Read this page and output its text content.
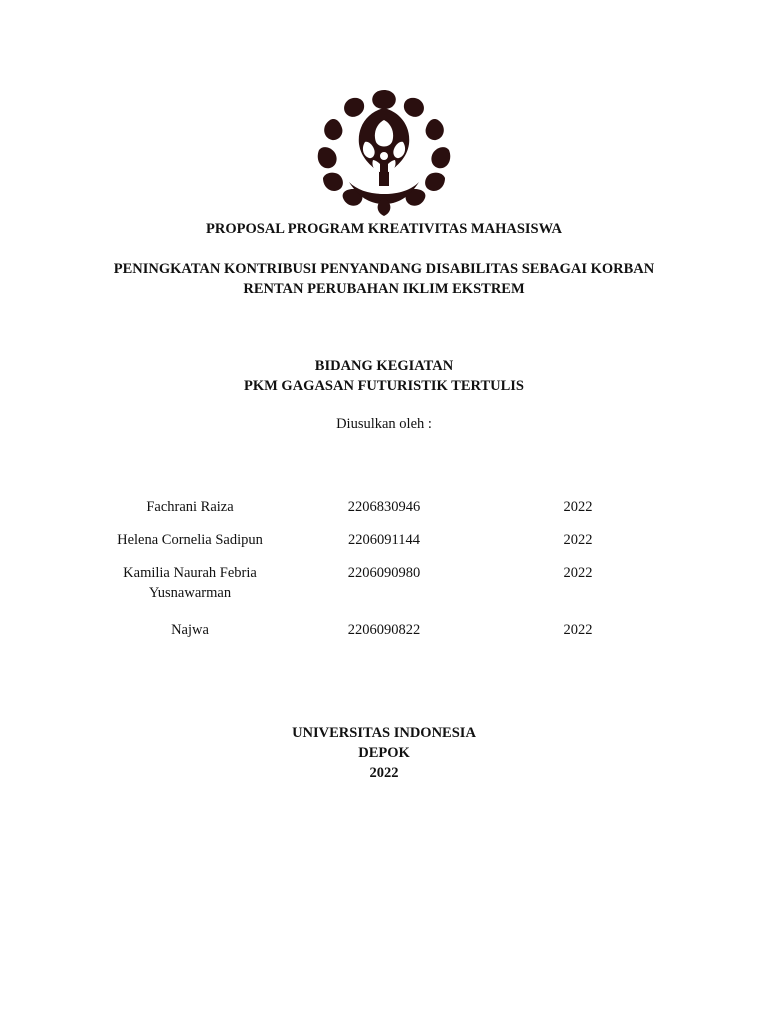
PROPOSAL PROGRAM KREATIVITAS MAHASISWA
PENINGKATAN KONTRIBUSI PENYANDANG DISABILITAS SEBAGAI KORBAN
RENTAN PERUBAHAN IKLIM EKSTREM
BIDANG KEGIATAN
PKM GAGASAN FUTURISTIK TERTULIS
Diusulkan oleh :
Fachrani Raiza	2206830946	2022
Helena Cornelia Sadipun	2206091144	2022
Kamilia Naurah Febria
Yusnawarman
2206090980	2022
Najwa	2206090822	2022
UNIVERSITAS INDONESIA
DEPOK
2022
